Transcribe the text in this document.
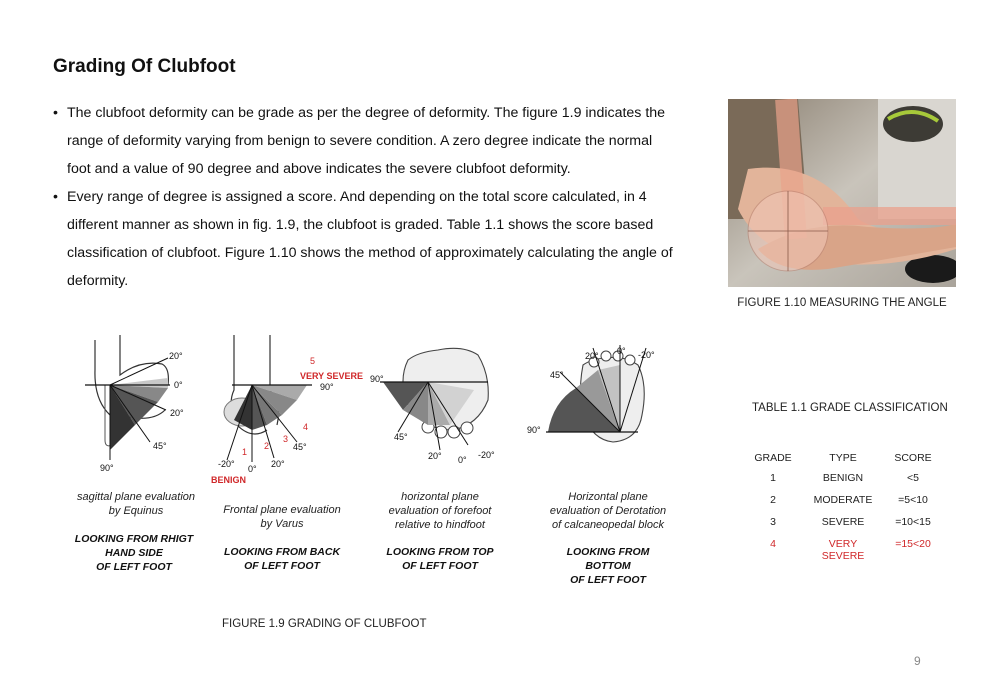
Grading Of Clubfoot
• The clubfoot deformity can be grade as per the degree of deformity. The figure 1.9 indicates the range of deformity varying from benign to severe condition. A zero degree indicate the normal foot and a value of 90 degree and above indicates the severe clubfoot deformity.
• Every range of degree is assigned a score. And depending on the total score calculated, in 4 different manner as shown in fig. 1.9, the clubfoot is graded. Table 1.1 shows the score based classification of clubfoot. Figure 1.10 shows the method of approximately calculating the angle of deformity.
FIGURE 1.10 MEASURING THE ANGLE
20°
0°
20°
45°
90°
sagittal plane evaluation by Equinus
LOOKING FROM RHIGT
HAND SIDE
OF LEFT FOOT
5
VERY SEVERE
90°
4
3
2
1	45°
-20° 0° 20°
BENIGN
Frontal plane evaluation by Varus
LOOKING FROM BACK
OF LEFT FOOT
90°
45°
20° 0° -20°
horizontal plane evaluation of forefoot relative to hindfoot
LOOKING FROM TOP
OF LEFT FOOT
20° 0° -20°
45°
90°
Horizontal plane evaluation of Derotation of calcaneopedal block
LOOKING FROM
BOTTOM
OF LEFT FOOT
FIGURE 1.9 GRADING OF CLUBFOOT
TABLE 1.1 GRADE CLASSIFICATION
GRADE	TYPE	SCORE
1	BENIGN	<5
2	MODERATE	=5<10
3	SEVERE	=10<15
4	VERY SEVERE	=15<20
9
